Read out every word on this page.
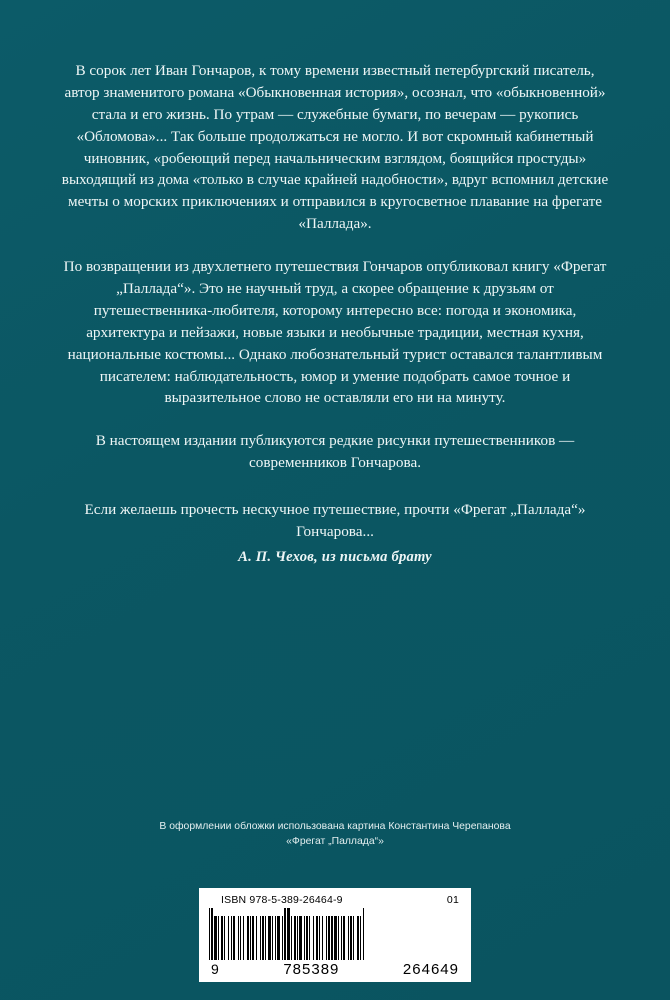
В сорок лет Иван Гончаров, к тому времени известный петербургский писатель, автор знаменитого романа «Обыкновенная история», осознал, что «обыкновенной» стала и его жизнь. По утрам — служебные бумаги, по вечерам — рукопись «Обломова»... Так больше продолжаться не могло. И вот скромный кабинетный чиновник, «робеющий перед начальническим взглядом, боящийся простуды» выходящий из дома «только в случае крайней надобности», вдруг вспомнил детские мечты о морских приключениях и отправился в кругосветное плавание на фрегате «Паллада».

По возвращении из двухлетнего путешествия Гончаров опубликовал книгу «Фрегат „Паллада“». Это не научный труд, а скорее обращение к друзьям от путешественника-любителя, которому интересно все: погода и экономика, архитектура и пейзажи, новые языки и необычные традиции, местная кухня, национальные костюмы... Однако любознательный турист оставался талантливым писателем: наблюдательность, юмор и умение подобрать самое точное и выразительное слово не оставляли его ни на минуту.

В настоящем издании публикуются редкие рисунки путешественников — современников Гончарова.

Если желаешь прочесть нескучное путешествие, прочти «Фрегат „Паллада“» Гончарова...

А. П. Чехов, из письма брату

В оформлении обложки использована картина Константина Черепанова
«Фрегат „Паллада“»
ISBN 978-5-389-26464-9	01
9	785389	264649
